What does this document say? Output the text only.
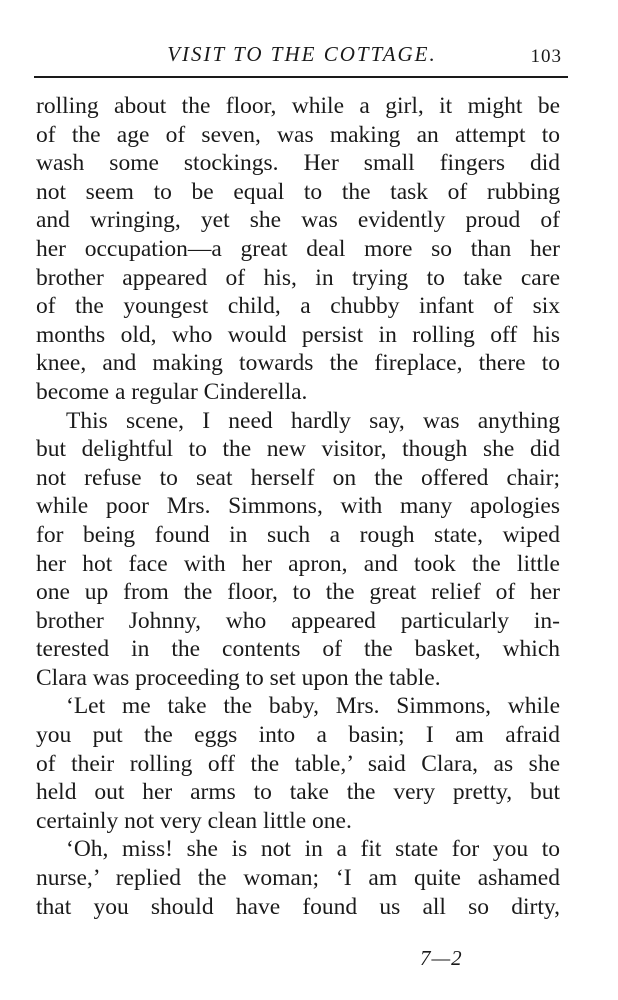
VISIT TO THE COTTAGE.	103
rolling about the floor, while a girl, it might be
of the age of seven, was making an attempt to
wash some stockings. Her small fingers did
not seem to be equal to the task of rubbing
and wringing, yet she was evidently proud of
her occupation—a great deal more so than her
brother appeared of his, in trying to take care
of the youngest child, a chubby infant of six
months old, who would persist in rolling off his
knee, and making towards the fireplace, there to
become a regular Cinderella.
This scene, I need hardly say, was anything
but delightful to the new visitor, though she did
not refuse to seat herself on the offered chair;
while poor Mrs. Simmons, with many apologies
for being found in such a rough state, wiped
her hot face with her apron, and took the little
one up from the floor, to the great relief of her
brother Johnny, who appeared particularly in-
terested in the contents of the basket, which
Clara was proceeding to set upon the table.
‘Let me take the baby, Mrs. Simmons, while
you put the eggs into a basin; I am afraid
of their rolling off the table,’ said Clara, as she
held out her arms to take the very pretty, but
certainly not very clean little one.
‘Oh, miss! she is not in a fit state for you to
nurse,’ replied the woman; ‘I am quite ashamed
that you should have found us all so dirty,
7—2
